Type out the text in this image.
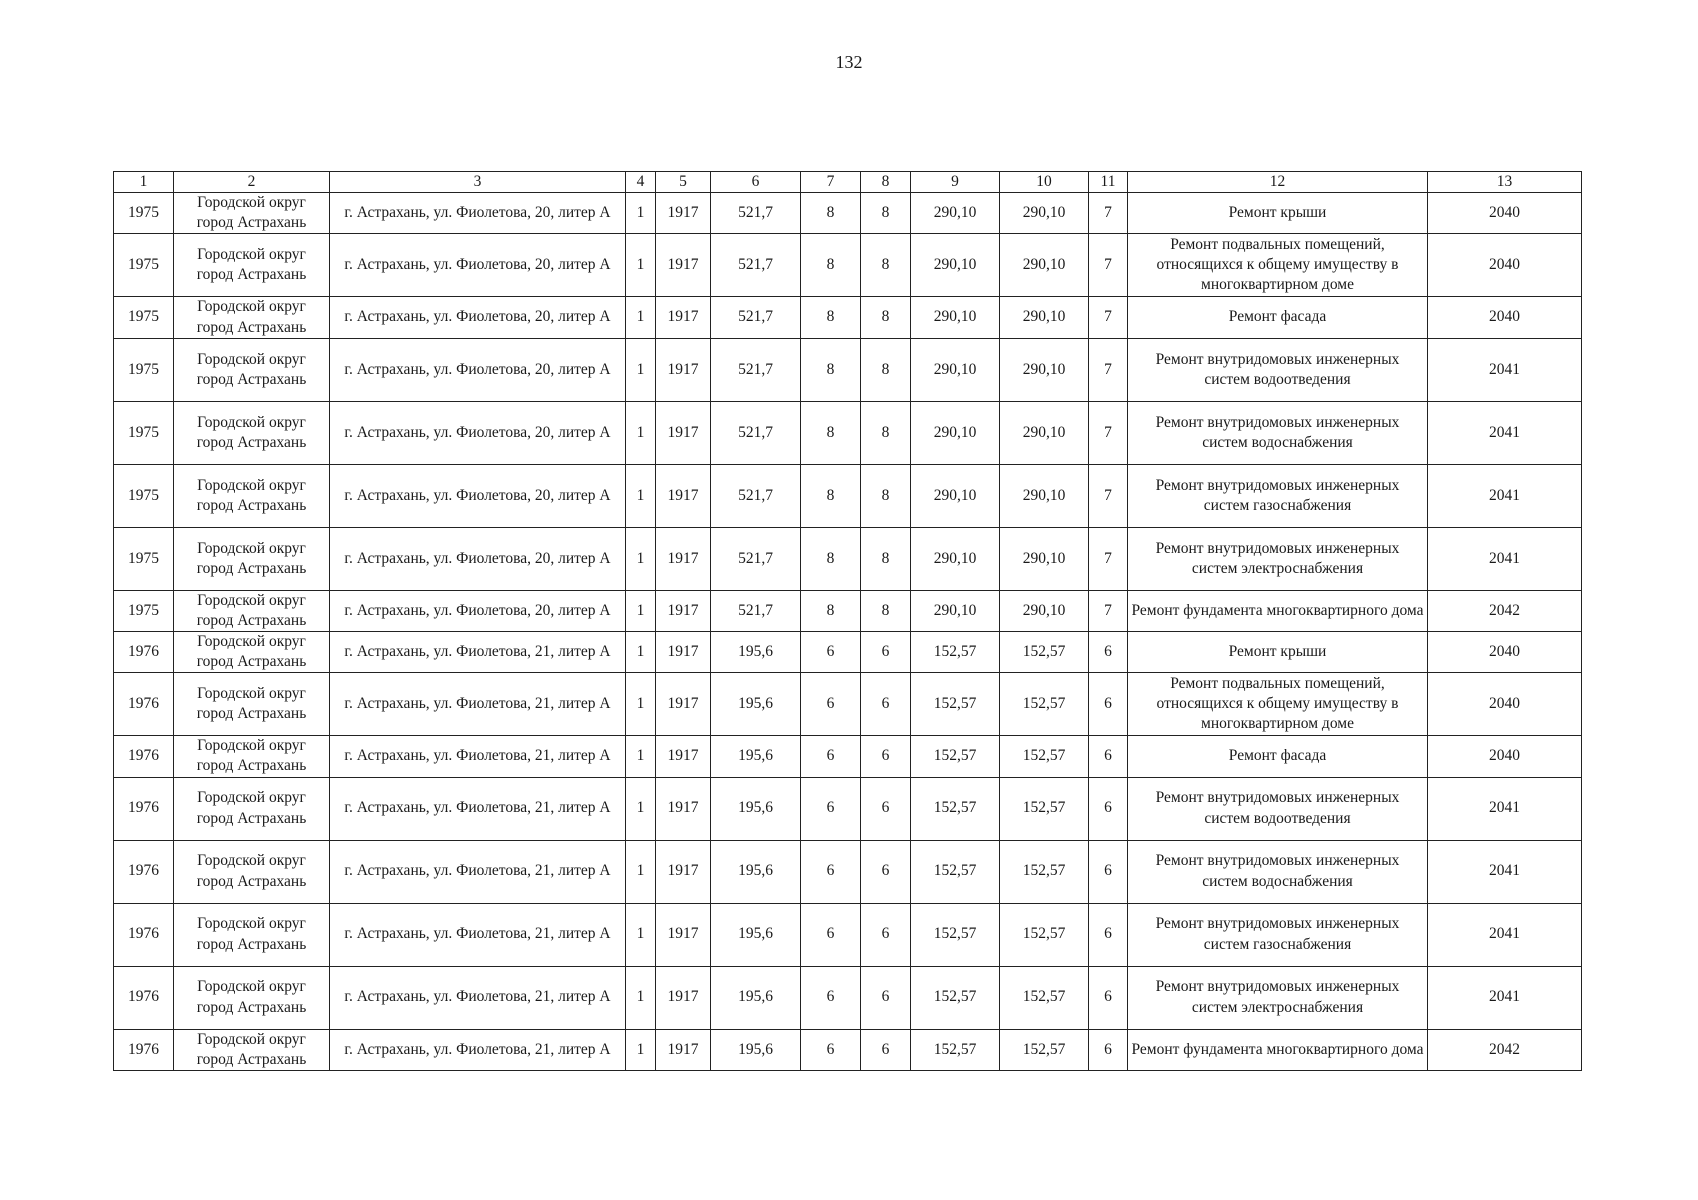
132
1	2	3	4	5	6	7	8	9	10	11	12	13
1975	Городской округ город Астрахань	г. Астрахань, ул. Фиолетова, 20, литер А	1	1917	521,7	8	8	290,10	290,10	7	Ремонт крыши	2040
1975	Городской округ город Астрахань	г. Астрахань, ул. Фиолетова, 20, литер А	1	1917	521,7	8	8	290,10	290,10	7	Ремонт подвальных помещений, относящихся к общему имуществу в многоквартирном доме	2040
1975	Городской округ город Астрахань	г. Астрахань, ул. Фиолетова, 20, литер А	1	1917	521,7	8	8	290,10	290,10	7	Ремонт фасада	2040
1975	Городской округ город Астрахань	г. Астрахань, ул. Фиолетова, 20, литер А	1	1917	521,7	8	8	290,10	290,10	7	Ремонт внутридомовых инженерных систем водоотведения	2041
1975	Городской округ город Астрахань	г. Астрахань, ул. Фиолетова, 20, литер А	1	1917	521,7	8	8	290,10	290,10	7	Ремонт внутридомовых инженерных систем водоснабжения	2041
1975	Городской округ город Астрахань	г. Астрахань, ул. Фиолетова, 20, литер А	1	1917	521,7	8	8	290,10	290,10	7	Ремонт внутридомовых инженерных систем газоснабжения	2041
1975	Городской округ город Астрахань	г. Астрахань, ул. Фиолетова, 20, литер А	1	1917	521,7	8	8	290,10	290,10	7	Ремонт внутридомовых инженерных систем электроснабжения	2041
1975	Городской округ город Астрахань	г. Астрахань, ул. Фиолетова, 20, литер А	1	1917	521,7	8	8	290,10	290,10	7	Ремонт фундамента многоквартирного дома	2042
1976	Городской округ город Астрахань	г. Астрахань, ул. Фиолетова, 21, литер А	1	1917	195,6	6	6	152,57	152,57	6	Ремонт крыши	2040
1976	Городской округ город Астрахань	г. Астрахань, ул. Фиолетова, 21, литер А	1	1917	195,6	6	6	152,57	152,57	6	Ремонт подвальных помещений, относящихся к общему имуществу в многоквартирном доме	2040
1976	Городской округ город Астрахань	г. Астрахань, ул. Фиолетова, 21, литер А	1	1917	195,6	6	6	152,57	152,57	6	Ремонт фасада	2040
1976	Городской округ город Астрахань	г. Астрахань, ул. Фиолетова, 21, литер А	1	1917	195,6	6	6	152,57	152,57	6	Ремонт внутридомовых инженерных систем водоотведения	2041
1976	Городской округ город Астрахань	г. Астрахань, ул. Фиолетова, 21, литер А	1	1917	195,6	6	6	152,57	152,57	6	Ремонт внутридомовых инженерных систем водоснабжения	2041
1976	Городской округ город Астрахань	г. Астрахань, ул. Фиолетова, 21, литер А	1	1917	195,6	6	6	152,57	152,57	6	Ремонт внутридомовых инженерных систем газоснабжения	2041
1976	Городской округ город Астрахань	г. Астрахань, ул. Фиолетова, 21, литер А	1	1917	195,6	6	6	152,57	152,57	6	Ремонт внутридомовых инженерных систем электроснабжения	2041
1976	Городской округ город Астрахань	г. Астрахань, ул. Фиолетова, 21, литер А	1	1917	195,6	6	6	152,57	152,57	6	Ремонт фундамента многоквартирного дома	2042
